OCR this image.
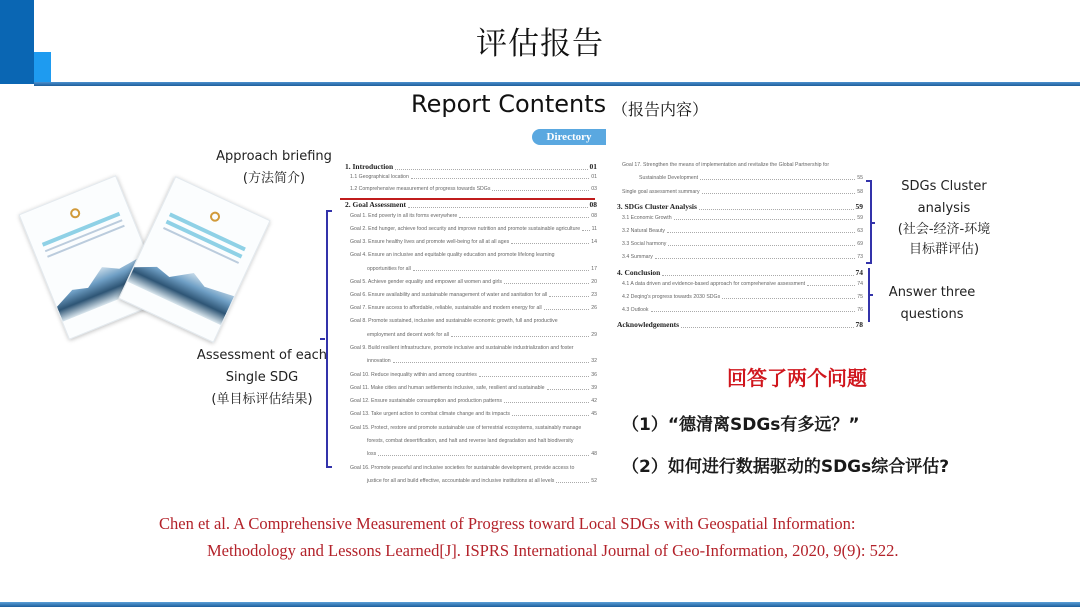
评估报告
Report Contents （报告内容）
Directory
Approach briefing
(方法简介)
Assessment of each
Single SDG
(单目标评估结果)
1. Introduction	01
1.1 Geographical location	01
1.2 Comprehensive measurement of progress towards SDGs	03
2. Goal Assessment	08
Goal 1. End poverty in all its forms everywhere	08
Goal 2. End hunger, achieve food security and improve nutrition and promote sustainable agriculture 11
Goal 3. Ensure healthy lives and promote well-being for all at all ages	14
Goal 4. Ensure an inclusive and equitable quality education and promote lifelong learning
opportunities for all	17
Goal 5. Achieve gender equality and empower all women and girls	20
Goal 6. Ensure availability and sustainable management of water and sanitation for all	23
Goal 7. Ensure access to affordable, reliable, sustainable and modern energy for all	26
Goal 8. Promote sustained, inclusive and sustainable economic growth, full and productive
employment and decent work for all	29
Goal 9. Build resilient infrastructure, promote inclusive and sustainable industrialization and foster
innovation	32
Goal 10. Reduce inequality within and among countries	36
Goal 11. Make cities and human settlements inclusive, safe, resilient and sustainable	39
Goal 12. Ensure sustainable consumption and production patterns	42
Goal 13. Take urgent action to combat climate change and its impacts	45
Goal 15. Protect, restore and promote sustainable use of terrestrial ecosystems, sustainably manage
forests, combat desertification, and halt and reverse land degradation and halt biodiversity
loss	48
Goal 16. Promote peaceful and inclusive societies for sustainable development, provide access to
justice for all and build effective, accountable and inclusive institutions at all levels	52
Goal 17. Strengthen the means of implementation and revitalize the Global Partnership for
Sustainable Development	55
Single goal assessment summary	58
3. SDGs Cluster Analysis	59
3.1 Economic Growth	59
3.2 Natural Beauty	63
3.3 Social harmony	69
3.4 Summary	73
4. Conclusion	74
4.1 A data driven and evidence-based approach for comprehensive assessment	74
4.2 Deqing's progress towards 2030 SDGs	75
4.3 Outlook	76
Acknowledgements	78
SDGs Cluster
analysis
(社会-经济-环境
目标群评估)
Answer three
questions
回答了两个问题
（1）“德清离SDGs有多远？”
（2）如何进行数据驱动的SDGs综合评估?
Chen et al. A Comprehensive Measurement of Progress toward Local SDGs with Geospatial Information:
Methodology and Lessons Learned[J]. ISPRS International Journal of Geo-Information, 2020, 9(9): 522.
